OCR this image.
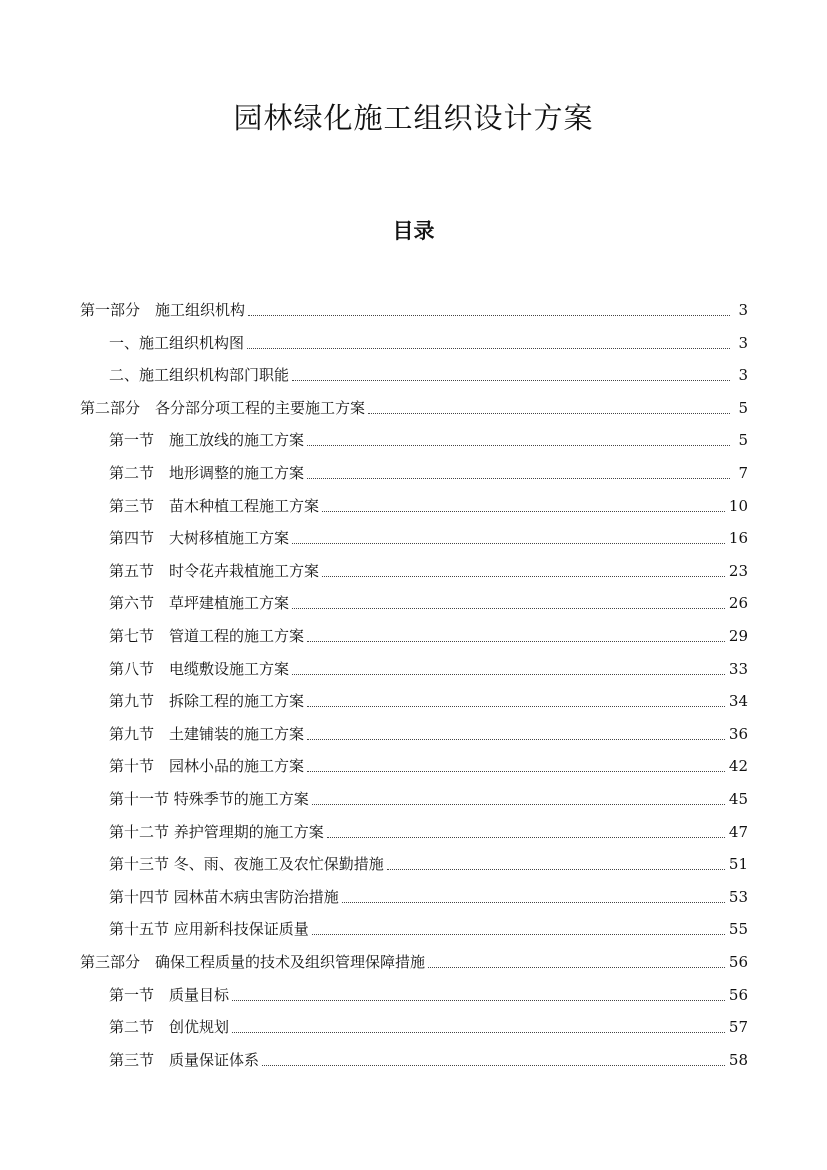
园林绿化施工组织设计方案
目录
第一部分　施工组织机构	3
一、施工组织机构图	3
二、施工组织机构部门职能	3
第二部分　各分部分项工程的主要施工方案	5
第一节　施工放线的施工方案	5
第二节　地形调整的施工方案	7
第三节　苗木种植工程施工方案	10
第四节　大树移植施工方案	16
第五节　时令花卉栽植施工方案	23
第六节　草坪建植施工方案	26
第七节　管道工程的施工方案	29
第八节　电缆敷设施工方案	33
第九节　拆除工程的施工方案	34
第九节　土建铺装的施工方案	36
第十节　园林小品的施工方案	42
第十一节 特殊季节的施工方案	45
第十二节 养护管理期的施工方案	47
第十三节 冬、雨、夜施工及农忙保勤措施	51
第十四节 园林苗木病虫害防治措施	53
第十五节 应用新科技保证质量	55
第三部分　确保工程质量的技术及组织管理保障措施	56
第一节　质量目标	56
第二节　创优规划	57
第三节　质量保证体系	58
